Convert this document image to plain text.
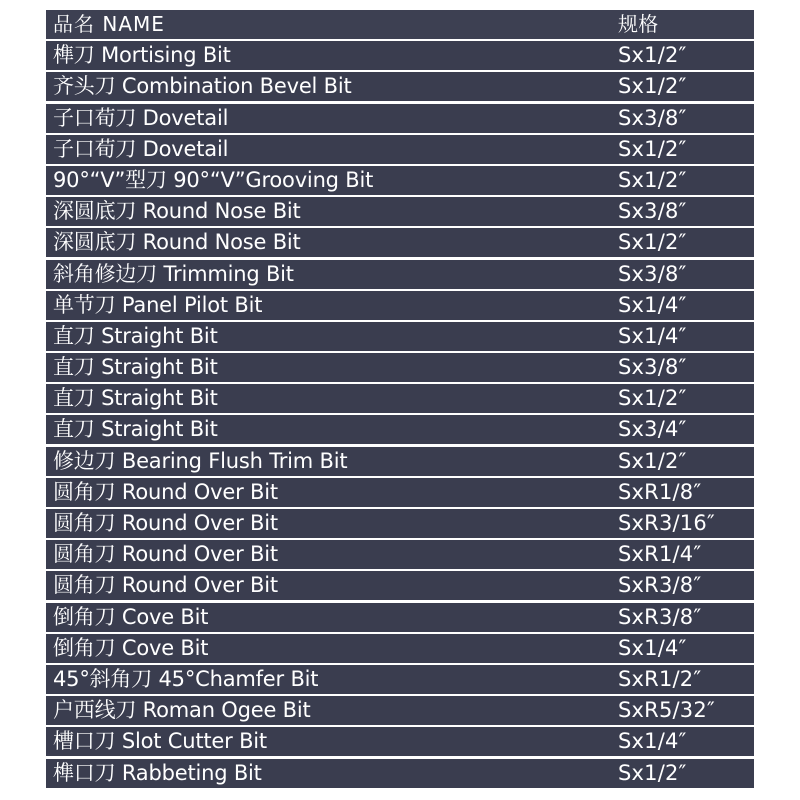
品名 NAME	规格
榫刀 Mortising Bit	Sx1/2″
齐头刀 Combination Bevel Bit	Sx1/2″
子口荀刀 Dovetail	Sx3/8″
子口荀刀 Dovetail	Sx1/2″
90°“V”型刀 90°“V”Grooving Bit	Sx1/2″
深圆底刀 Round Nose Bit	Sx3/8″
深圆底刀 Round Nose Bit	Sx1/2″
斜角修边刀 Trimming Bit	Sx3/8″
单节刀 Panel Pilot Bit	Sx1/4″
直刀 Straight Bit	Sx1/4″
直刀 Straight Bit	Sx3/8″
直刀 Straight Bit	Sx1/2″
直刀 Straight Bit	Sx3/4″
修边刀 Bearing Flush Trim Bit	Sx1/2″
圆角刀 Round Over Bit	SxR1/8″
圆角刀 Round Over Bit	SxR3/16″
圆角刀 Round Over Bit	SxR1/4″
圆角刀 Round Over Bit	SxR3/8″
倒角刀 Cove Bit	SxR3/8″
倒角刀 Cove Bit	Sx1/4″
45°斜角刀 45°Chamfer Bit	SxR1/2″
户西线刀 Roman Ogee Bit	SxR5/32″
槽口刀 Slot Cutter Bit	Sx1/4″
榫口刀 Rabbeting Bit	Sx1/2″
